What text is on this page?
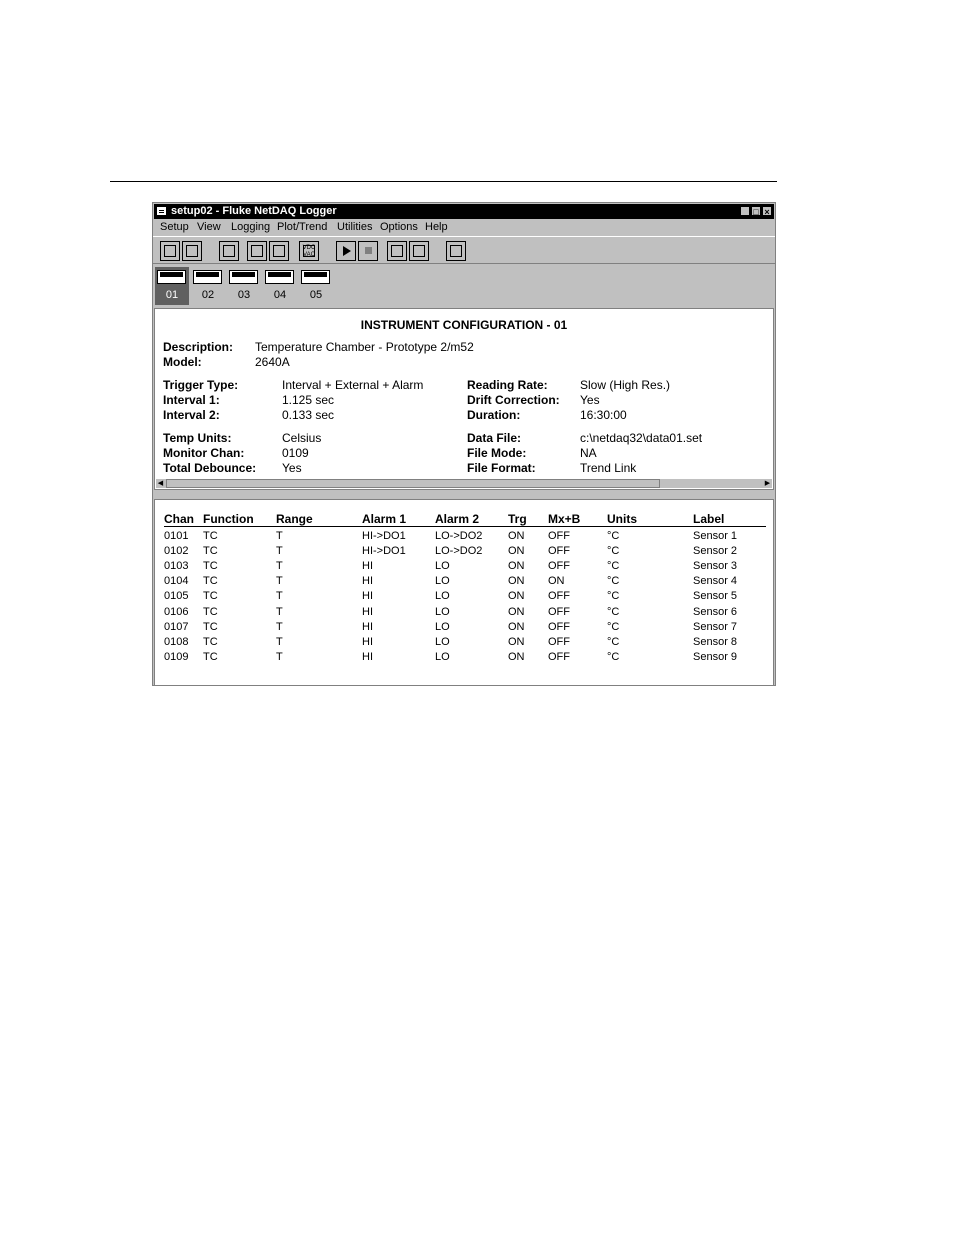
setup02 - Fluke NetDAQ Logger	_ □ ×
Setup View Logging Plot/Trend Utilities Options Help
VDC VAC
01	02	03	04	05
INSTRUMENT CONFIGURATION - 01
Description: Temperature Chamber - Prototype 2/m52
Model:	2640A
Trigger Type:	Interval + External + Alarm
Interval 1:	1.125 sec
Interval 2:	0.133 sec
Reading Rate:	Slow (High Res.)
Drift Correction: Yes
Duration:	16:30:00
Temp Units:	Celsius
Monitor Chan:	0109
Total Debounce: Yes
Data File:	c:\netdaq32\data01.set
File Mode:	NA
File Format:	Trend Link
◀	▶
Chan Function Range	Alarm 1 Alarm 2 Trg Mx+B Units	Label
0101 TC	T	HI->DO1	LO->DO2 ON OFF	°C	Sensor 1
0102 TC	T	HI->DO1	LO->DO2 ON OFF	°C	Sensor 2
0103 TC	T	HI	LO	ON OFF	°C	Sensor 3
0104 TC	T	HI	LO	ON ON	°C	Sensor 4
0105 TC	T	HI	LO	ON OFF	°C	Sensor 5
0106 TC	T	HI	LO	ON OFF	°C	Sensor 6
0107 TC	T	HI	LO	ON OFF	°C	Sensor 7
0108 TC	T	HI	LO	ON OFF	°C	Sensor 8
0109 TC	T	HI	LO	ON OFF	°C	Sensor 9
